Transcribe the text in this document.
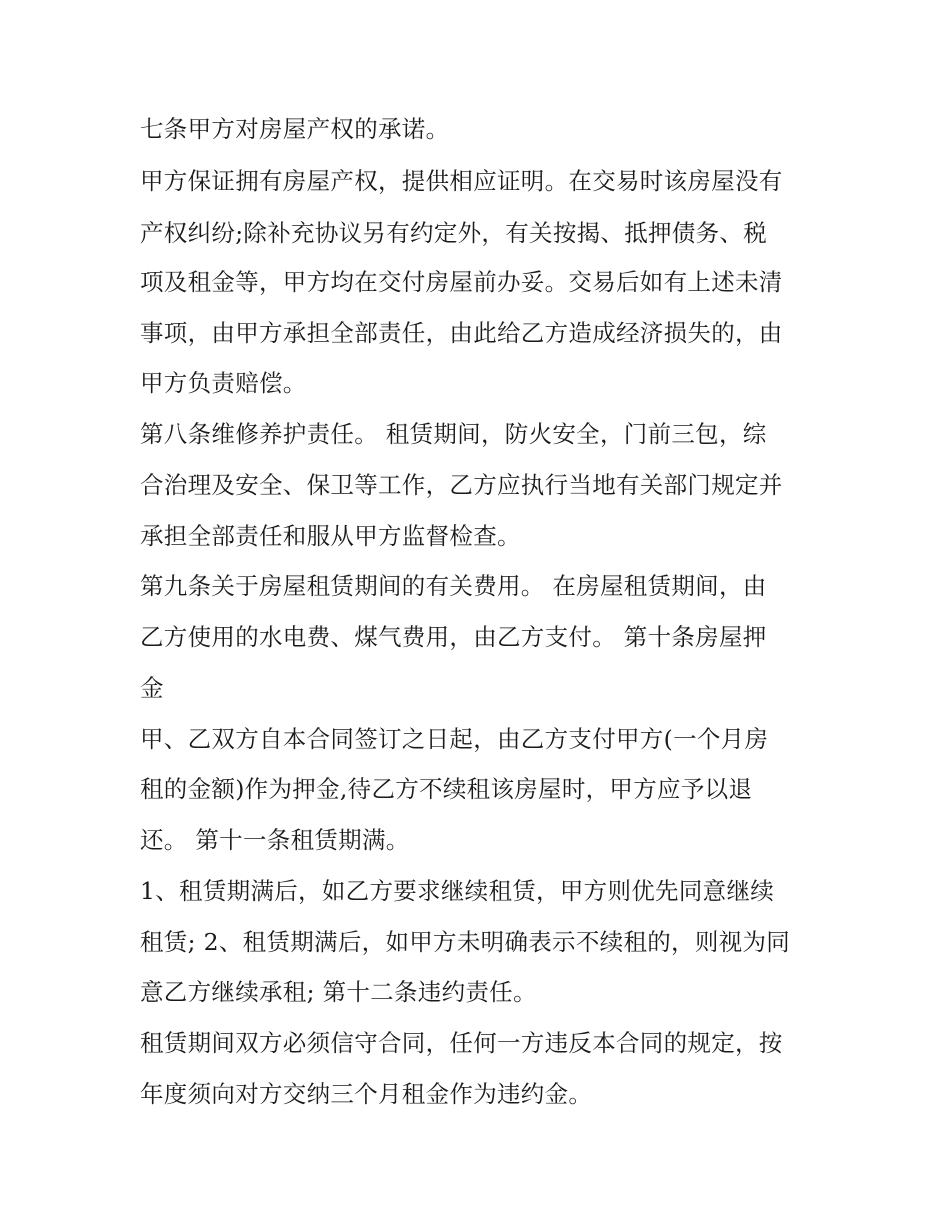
七条甲方对房屋产权的承诺。
甲方保证拥有房屋产权，提供相应证明。在交易时该房屋没有
产权纠纷;除补充协议另有约定外，有关按揭、抵押债务、税
项及租金等，甲方均在交付房屋前办妥。交易后如有上述未清
事项，由甲方承担全部责任，由此给乙方造成经济损失的，由
甲方负责赔偿。
第八条维修养护责任。 租赁期间，防火安全，门前三包，综
合治理及安全、保卫等工作，乙方应执行当地有关部门规定并
承担全部责任和服从甲方监督检查。
第九条关于房屋租赁期间的有关费用。 在房屋租赁期间，由
乙方使用的水电费、煤气费用，由乙方支付。 第十条房屋押
金
甲、乙双方自本合同签订之日起，由乙方支付甲方(一个月房
租的金额)作为押金,待乙方不续租该房屋时，甲方应予以退
还。 第十一条租赁期满。
1、租赁期满后，如乙方要求继续租赁，甲方则优先同意继续
租赁; 2、租赁期满后，如甲方未明确表示不续租的，则视为同
意乙方继续承租; 第十二条违约责任。
租赁期间双方必须信守合同，任何一方违反本合同的规定，按
年度须向对方交纳三个月租金作为违约金。
